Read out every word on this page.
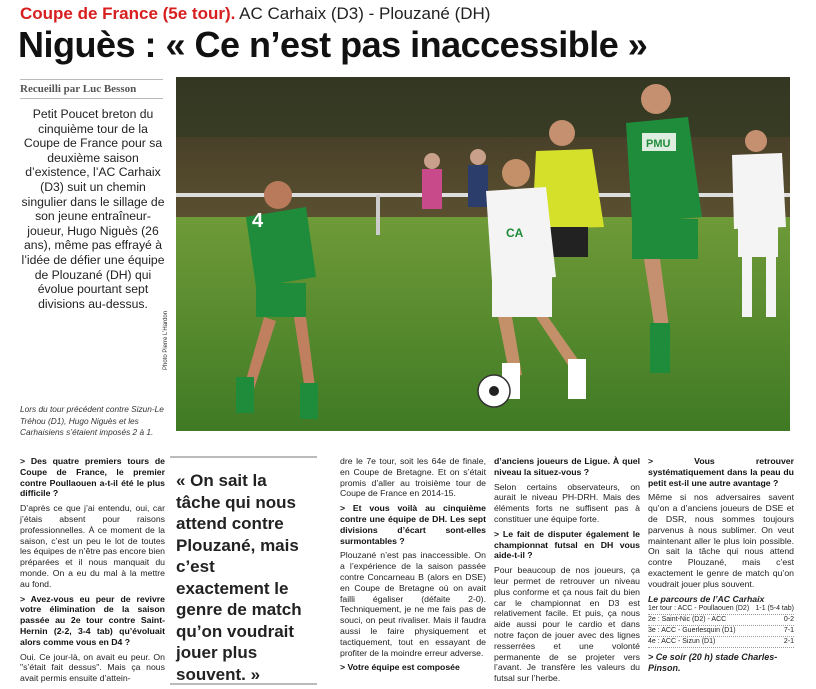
Coupe de France (5e tour). AC Carhaix (D3) - Plouzané (DH)
Niguès : « Ce n’est pas inaccessible »
Recueilli par Luc Besson
Petit Poucet breton du cinquième tour de la Coupe de France pour sa deuxième saison d’existence, l’AC Carhaix (D3) suit un chemin singulier dans le sillage de son jeune entraîneur-joueur, Hugo Niguès (26 ans), même pas effrayé à l’idée de défier une équipe de Plouzané (DH) qui évolue pourtant sept divisions au-dessus.
Lors du tour précédent contre Sizun-Le Tréhou (D1), Hugo Niguès et les Carhaisiens s’étaient imposés 2 à 1.
Photo Pierre L’Hardon
4
CA
PMU

> Des quatre premiers tours de Coupe de France, le premier contre Poullaouen a-t-il été le plus difficile ?

D’après ce que j’ai entendu, oui, car j’étais absent pour raisons professionnelles. À ce moment de la saison, c’est un peu le lot de toutes les équipes de n’être pas encore bien préparées et il nous manquait du monde. On a eu du mal à la mettre au fond.

> Avez-vous eu peur de revivre votre élimination de la saison passée au 2e tour contre Saint-Hernin (2-2, 3-4 tab) qu’évoluait alors comme vous en D4 ?

Oui. Ce jour-là, on avait eu peur. On "s’était fait dessus". Mais ça nous avait permis ensuite d’attein-

« On sait la tâche qui nous attend contre Plouzané, mais c’est exactement le genre de match qu’on voudrait jouer plus souvent. »

dre le 7e tour, soit les 64e de finale, en Coupe de Bretagne. Et on s’était promis d’aller au troisième tour de Coupe de France en 2014-15.

> Et vous voilà au cinquième contre une équipe de DH. Les sept divisions d’écart sont-elles surmontables ?

Plouzané n’est pas inaccessible. On a l’expérience de la saison passée contre Concarneau B (alors en DSE) en Coupe de Bretagne où on avait failli égaliser (défaite 2-0). Techniquement, je ne me fais pas de souci, on peut rivaliser. Mais il faudra aussi le faire physiquement et tactiquement, tout en essayant de profiter de la moindre erreur adverse.

> Votre équipe est composée

d’anciens joueurs de Ligue. À quel niveau la situez-vous ?

Selon certains observateurs, on aurait le niveau PH-DRH. Mais des éléments forts ne suffisent pas à constituer une équipe forte.

> Le fait de disputer également le championnat futsal en DH vous aide-t-il ?

Pour beaucoup de nos joueurs, ça leur permet de retrouver un niveau plus conforme et ça nous fait du bien car le championnat en D3 est relativement facile. Et puis, ça nous aide aussi pour le cardio et dans notre façon de jouer avec des lignes resserrées et une volonté permanente de se projeter vers l’avant. Je transfère les valeurs du futsal sur l’herbe.

> Vous retrouver systématiquement dans la peau du petit est-il une autre avantage ?

Même si nos adversaires savent qu’on a d’anciens joueurs de DSE et de DSR, nous sommes toujours parvenus à nous sublimer. On veut maintenant aller le plus loin possible. On sait la tâche qui nous attend contre Plouzané, mais c’est exactement le genre de match qu’on voudrait jouer plus souvent.

Le parcours de l’AC Carhaix
1er tour : ACC - Poullaouen (D2) 1-1 (5-4 tab)
2e : Saint-Nic (D2) - ACC	0-2
3e : ACC - Guerlesquin (D1)	7-1
4e : ACC - Sizun (D1)	2-1
> Ce soir (20 h) stade Charles-Pinson.
